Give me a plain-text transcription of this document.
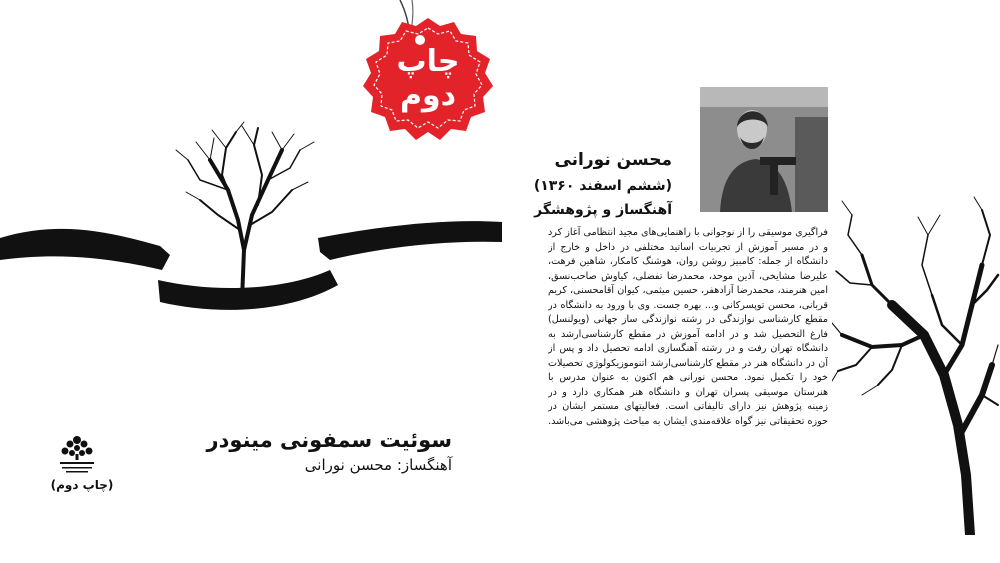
چاپ
دوم
سوئیت سمفونی مینودر
آهنگساز: محسن نورانی
(چاپ دوم)
محسن نورانی
(ششم اسفند ۱۳۶۰)
آهنگساز و پژوهشگر
فراگیری موسیقی را از نوجوانی با راهنمایی‌های مجید انتظامی آغاز کرد و در مسیر آموزش از تجربیات اساتید مختلفی در داخل و خارج از دانشگاه از جمله: کامبیز روشن روان، هوشنگ کامکار، شاهین فرهت، علیرضا مشایخی، آذین موحد، محمدرضا تفضلی، کیاوش صاحب‌نسق، امین هنرمند، محمدرضا آزادهفر، حسین میثمی، کیوان آقامحسنی، کریم قربانی، محسن توپسرکانی و... بهره جست. وی با ورود به دانشگاه در مقطع کارشناسی نوازندگی در رشته نوازندگی ساز جهانی (ویولنسل) فارغ التحصیل شد و در ادامه آموزش در مقطع کارشناسی‌ارشد به دانشگاه تهران رفت و در رشته آهنگسازی ادامه تحصیل داد و پس از آن در دانشگاه هنر در مقطع کارشناسی‌ارشد اتنوموزیکولوژی تحصیلات خود را تکمیل نمود. محسن نورانی هم اکنون به عنوان مدرس با هنرستان موسیقی پسران تهران و دانشگاه هنر همکاری دارد و در زمینه پژوهش نیز دارای تالیفاتی است. فعالیتهای مستمر ایشان در حوزه تحقیقاتی نیز گواه علاقه‌مندی ایشان به مباحث پژوهشی می‌باشد.
